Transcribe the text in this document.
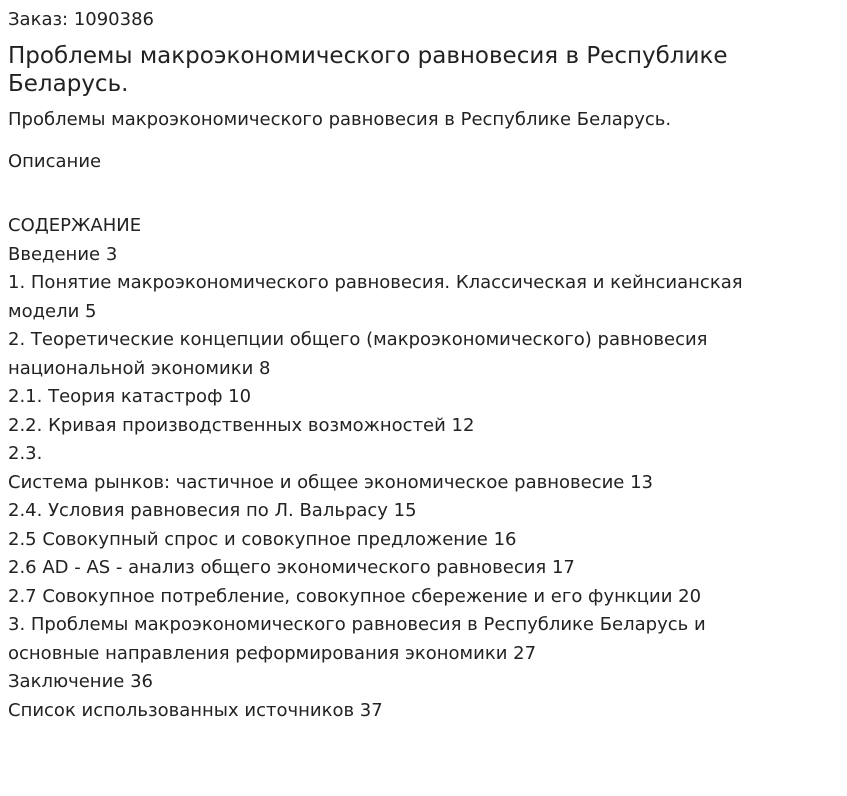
Заказ: 1090386

Проблемы макроэкономического равновесия в Республике
Беларусь.

Проблемы макроэкономического равновесия в Республике Беларусь.

Описание
СОДЕРЖАНИЕ
Введение 3
1. Понятие макроэкономического равновесия. Классическая и кейнсианская
модели 5
2. Теоретические концепции общего (макроэкономического) равновесия
национальной экономики 8
2.1. Теория катастроф 10
2.2. Кривая производственных возможностей 12
2.3.
Система рынков: частичное и общее экономическое равновесие 13
2.4. Условия равновесия по Л. Вальрасу 15
2.5 Совокупный спрос и совокупное предложение 16
2.6 AD - AS - анализ общего экономического равновесия 17
2.7 Совокупное потребление, совокупное сбережение и его функции 20
3. Проблемы макроэкономического равновесия в Республике Беларусь и
основные направления реформирования экономики 27
Заключение 36
Список использованных источников 37
